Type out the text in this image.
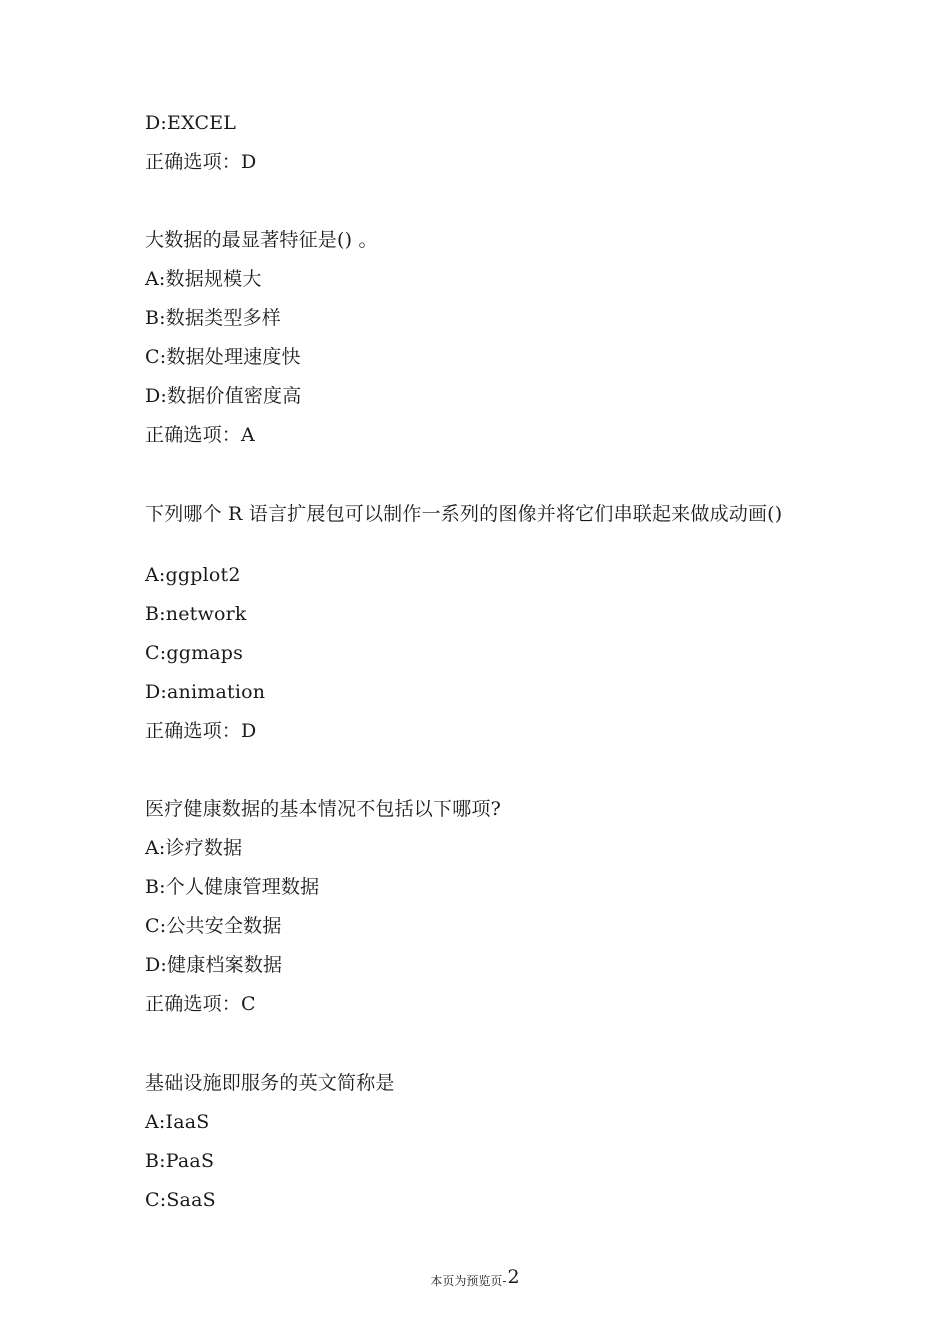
D:EXCEL
正确选项：D
大数据的最显著特征是() 。
A:数据规模大
B:数据类型多样
C:数据处理速度快
D:数据价值密度高
正确选项：A
下列哪个 R 语言扩展包可以制作一系列的图像并将它们串联起来做成动画()
A:ggplot2
B:network
C:ggmaps
D:animation
正确选项：D
医疗健康数据的基本情况不包括以下哪项?
A:诊疗数据
B:个人健康管理数据
C:公共安全数据
D:健康档案数据
正确选项：C
基础设施即服务的英文简称是
A:IaaS
B:PaaS
C:SaaS
本页为预览页-2
